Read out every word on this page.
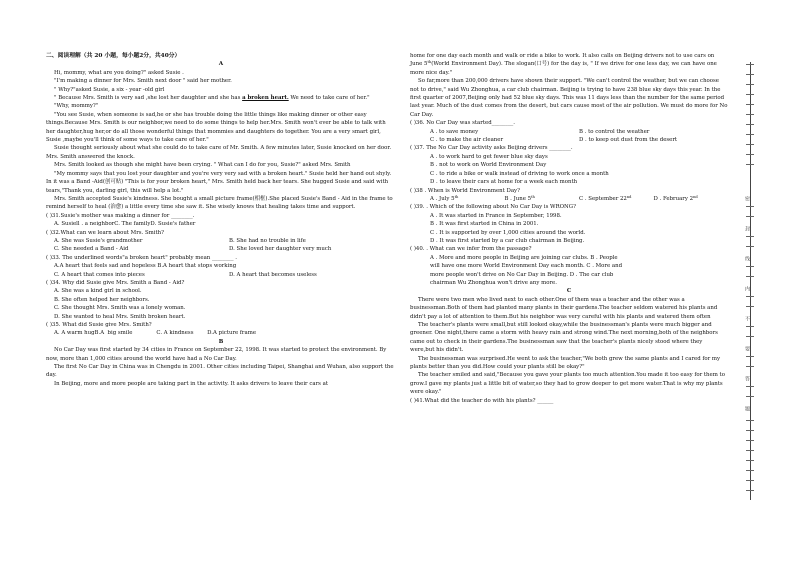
二、阅读理解（共 20 小题，每小题2分，共40分）

A

Hi, mommy, what are you doing?" asked Susie .

"I'm making a dinner for Mrs. Smith next door " said her mother.

" Why?"asked Susie, a six - year -old girl

" Because Mrs. Smith is very sad ,she lost her daughter and she has a broken heart. We need to take care of her."

"Why, mommy?"

"You see Susie, when someone is sad,he or she has trouble doing the little things like making dinner or other easy things.Because Mrs. Smith is our neighbor,we need to do some things to help her.Mrs. Smith won't ever be able to talk with her daughter,hug her,or do all those wonderful things that mommies and daughters do together. You are a very smart girl, Susie ,maybe you'll think of some ways to take care of her."

Susie thought seriously about what she could do to take care of Mr. Smith. A few minutes later, Susie knocked on her door. Mrs. Smith answered the knock.

Mrs. Smith looked as though she might have been crying. " What can I do for you, Susie?" asked Mrs. Smith

"My mommy says that you lost your daughter and you're very very sad with a broken heart." Susie held her hand out shyly. In it was a Band -Aid(创可贴) "This is for your broken heart," Mrs. Smith held back her tears. She hugged Susie and said with tears,"Thank you, darling girl, this will help a lot."

Mrs. Smith accepted Susie's kindness. She bought a small picture frame(相框).She placed Susie's Band - Aid in the frame to remind herself to heal (治愈) a little every time she saw it. She wisely knows that healing takes time and support.

( )31.Susie's mother was making a dinner for ________.

A. Susiell . a neighborC. The familyD. Susie's father

( )32.What can we learn about Mrs. Smith?

A. She was Susie's grandmother	B. She had no trouble in life
C. She needed a Band - Aid	D. She loved her daughter very much

( )33. The underlined words"a broken heart" probably mean ________ .

A.A heart that feels sad and hopeless B.A heart that stops working

C. A heart that comes into pieces	D. A heart that becomes useless

( )34. Why did Susie give Mrs. Smith a Band - Aid?

A. She was a kind girl in school.

B. She often helped her neighbors.

C. She thought Mrs. Smith was a lonely woman.

D. She wanted to heal Mrs. Smith broken heart.

( )35. What did Susie give Mrs. Smith?

A. A warm hugB.A  big smile              C. A kindness        D.A picture frame

B

No Car Day was first started by 34 cities in France on September 22, 1998. It was started to protect the environment. By now, more than 1,000 cities around the world have had a No Car Day.

The first No Car Day in China was in Chengdu in 2001. Other cities including Taipei, Shanghai and Wuhan, also support the day.

In Beijing, more and more people are taking part in the activity. It asks drivers to leave their cars at

home for one day each month and walk or ride a bike to work. It also calls on Beijing drivers not to use cars on June 5th(World Environment Day). The slogan(口号) for the day is, " If we drive for one less day, we can have one more nice day."

So far,more than 200,000 drivers have shown their support. "We can't control the weather, but we can choose not to drive," said Wu Zhonghua, a car club chairman. Beijing is trying to have 238 blue sky days this year. In the first quarter of 2007,Beijing only had 52 blue sky days. This was 11 days less than the number for the same period last year. Much of the dust comes from the desert, but cars cause most of the air pollution. We must do more for No Car Day.

( )36. No Car Day was started________.

A . to save money	B . to control the weather
C . to make the air cleaner	D . to keep out dust from the desert

( )37. The No Car Day activity asks Beijing drivers ________.

A . to work hard to get fewer blue sky days

B . not to work on World Environment Day

C . to ride a bike or walk instead of driving to work once a month

D . to leave their cars at home for a week each month

( )38 . When is World Environment Day?

A . July 5th	B . June 5th	C . September 22nd	D . February 2nd

( )39. . Which of the following about No Car Day is WRONG?

A . It was started in France in September, 1998.

B . It was first started in China in 2001.

C . It is supported by over 1,000 cities around the world.

D . It was first started by a car club chairman in Beijing.

( )40. . What can we infer from the passage?

A . More and more people in Beijing are joining car clubs. B . People

will have one more World Environment Day each month. C . More and

more people won't drive on No Car Day in Beijing. D . The car club

chairman Wu Zhonghua won't drive any more.

C

There were two men who lived next to each other.One of them was a teacher and the other was a businessman.Both of them had planted many plants in their gardens.The teacher seldom watered his plants and didn't pay a lot of attention to them.But his neighbor was very careful with his plants and watered them often

The teacher's plants were small,but still looked okay,while the businessman's plants were much bigger and greener. One night,there came a storm with heavy rain and strong wind.The next morning,both of the neighbors came out to check in their gardens.The businessman saw that the teacher's plants nicely stood where they were,but his didn't.

The businessman was surprised.He went to ask the teacher,"We both grew the same plants and I cared for my plants better than you did.How could your plants still be okay?"

The teacher smiled and said,"Because you gave your plants too much attention.You made it too easy for them to grow.I gave my plants just a little bit of water,so they had to grow deeper to get more water.That is why my plants were okay."

( )41.What did the teacher do with his plants? ______

密
封
线
内
不
要
答
题
